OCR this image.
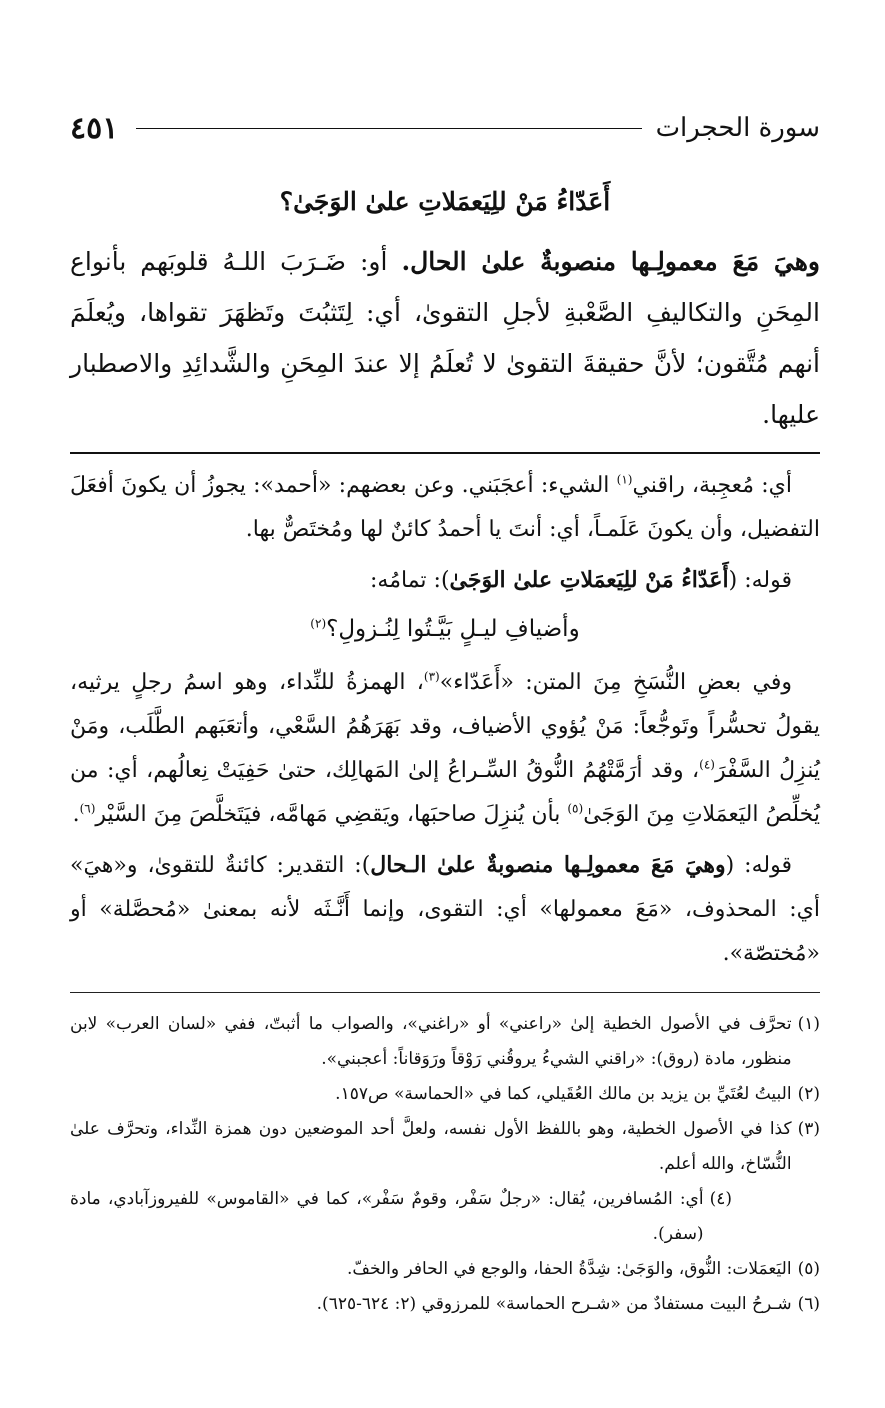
سورة الحجرات
٤٥١
أَعَدّاءُ مَنْ للِيَعمَلاتِ علىٰ الوَجَىٰ؟
وهيَ مَعَ معمولِـها منصوبةٌ علىٰ الحال. أو: ضَـرَبَ اللـهُ قلوبَهم بأنواع المِحَنِ والتكاليفِ الصَّعْبةِ لأجلِ التقوىٰ، أي: لِتَثبُتَ وتَظهَرَ تقواها، ويُعلَمَ أنهم مُتَّقون؛ لأنَّ حقيقةَ التقوىٰ لا تُعلَمُ إلا عندَ المِحَنِ والشَّدائِدِ والاصطبار عليها.

أي: مُعجِبة، راقني$^{(١)}$ الشيء: أعجَبَني. وعن بعضهم: «أحمد»: يجوزُ أن يكونَ أفعَلَ التفضيل، وأن يكونَ عَلَمـاً، أي: أنتَ يا أحمدُ كائنٌ لها ومُختَصٌّ بها.

قوله: (أَعَدّاءُ مَنْ للِيَعمَلاتِ علىٰ الوَجَىٰ): تمامُه:

وأضيافِ ليـلٍ بَيَّـتُوا لِنُـزولِ؟$^{(٢)}$

وفي بعضِ النُّسَخِ مِنَ المتن: «أَعَدّاء»$^{(٣)}$، الهمزةُ للنِّداء، وهو اسمُ رجلٍ يرثيه، يقولُ تحسُّراً وتَوجُّعاً: مَنْ يُؤوي الأضياف، وقد بَهَرَهُمُ السَّعْي، وأتعَبَهم الطَّلَب، ومَنْ يُنزِلُ السَّفْرَ$^{(٤)}$، وقد أرَمَّتْهُمُ النُّوقُ السِّـراعُ إلىٰ المَهالِك، حتىٰ حَفِيَتْ نِعالُهم، أي: من يُخلِّصُ اليَعمَلاتِ مِنَ الوَجَىٰ$^{(٥)}$ بأن يُنزِلَ صاحبَها، ويَقضِي مَهامَّه، فيَتَخلَّصَ مِنَ السَّيْر$^{(٦)}$.

قوله: (وهيَ مَعَ معمولِـها منصوبةٌ علىٰ الـحال): التقدير: كائنةٌ للتقوىٰ، و«هيَ» أي: المحذوف، «مَعَ معمولها» أي: التقوى، وإنما أَنَّـثَه لأنه بمعنىٰ «مُحصَّلة» أو «مُختصّة».

(١)
تحرَّف في الأصول الخطية إلىٰ «راعني» أو «راغني»، والصواب ما أثبتّ، ففي «لسان العرب» لابن منظور، مادة (روق): «راقني الشيءُ يروقُني رَوْقاً ورَوَقاناً: أعجبني».
(٢)
البيتُ لعُتَيِّ بن يزيد بن مالك العُقَيلي، كما في «الحماسة» ص١٥٧.
(٣)
كذا في الأصول الخطية، وهو باللفظ الأول نفسه، ولعلَّ أحد الموضعين دون همزة النِّداء، وتحرَّف علىٰ النُّسّاخ، والله أعلم.
(٤)
أي: المُسافرين، يُقال: «رجلٌ سَفْر، وقومٌ سَفْر»، كما في «القاموس» للفيروزآبادي، مادة (سفر).
(٥)
اليَعمَلات: النُّوق، والوَجَىٰ: شِدَّةُ الحفا، والوجع في الحافر والخفّ.
(٦)
شـرحُ البيت مستفادٌ من «شـرح الحماسة» للمرزوقي (٢: ٦٢٤-٦٢٥).
